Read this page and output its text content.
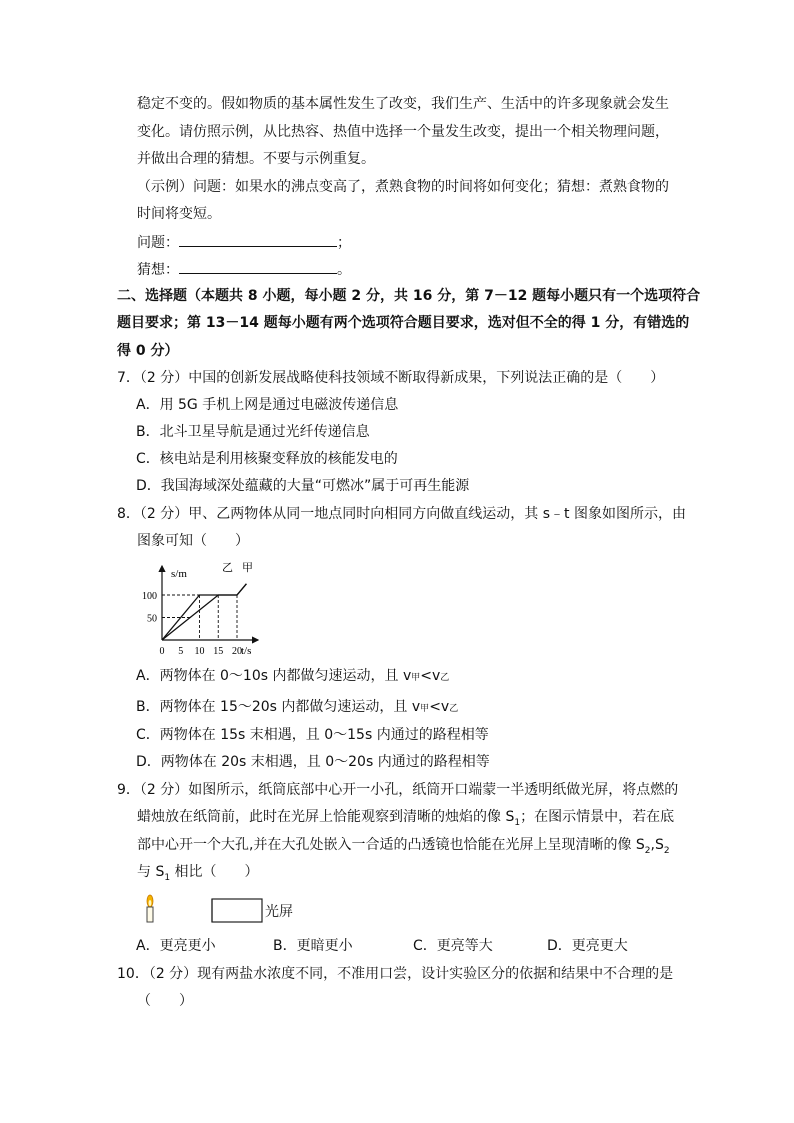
稳定不变的。假如物质的基本属性发生了改变，我们生产、生活中的许多现象就会发生
变化。请仿照示例，从比热容、热值中选择一个量发生改变，提出一个相关物理问题，
并做出合理的猜想。不要与示例重复。
（示例）问题：如果水的沸点变高了，煮熟食物的时间将如何变化；猜想：煮熟食物的
时间将变短。
问题：	；
猜想：	。
二、选择题（本题共 8 小题，每小题 2 分，共 16 分，第 7－12 题每小题只有一个选项符合
题目要求；第 13－14 题每小题有两个选项符合题目要求，选对但不全的得 1 分，有错选的
得 0 分）
7．（2 分）中国的创新发展战略使科技领域不断取得新成果，下列说法正确的是（　　）
A．用 5G 手机上网是通过电磁波传递信息
B．北斗卫星导航是通过光纤传递信息
C．核电站是利用核聚变释放的核能发电的
D．我国海域深处蕴藏的大量“可燃冰”属于可再生能源
8．（2 分）甲、乙两物体从同一地点同时向相同方向做直线运动，其 s﹣t 图象如图所示，由
图象可知（　　）
s/m
t/s
0 5 10 15 20
50
100
甲
乙
A．两物体在 0～10s 内都做匀速运动，且 v甲<v乙
B．两物体在 15～20s 内都做匀速运动，且 v甲<v乙
C．两物体在 15s 末相遇，且 0～15s 内通过的路程相等
D．两物体在 20s 末相遇，且 0～20s 内通过的路程相等
9．（2 分）如图所示，纸筒底部中心开一小孔，纸筒开口端蒙一半透明纸做光屏，将点燃的
蜡烛放在纸筒前，此时在光屏上恰能观察到清晰的烛焰的像 $S_1$；在图示情景中，若在底
部中心开一个大孔,并在大孔处嵌入一合适的凸透镜也恰能在光屏上呈现清晰的像 $S_2,S_2$
与 $S_1$ 相比（　　）
光屏
A．更亮更小	B．更暗更小	C．更亮等大	D．更亮更大
10．（2 分）现有两盐水浓度不同，不准用口尝，设计实验区分的依据和结果中不合理的是
（　　）
